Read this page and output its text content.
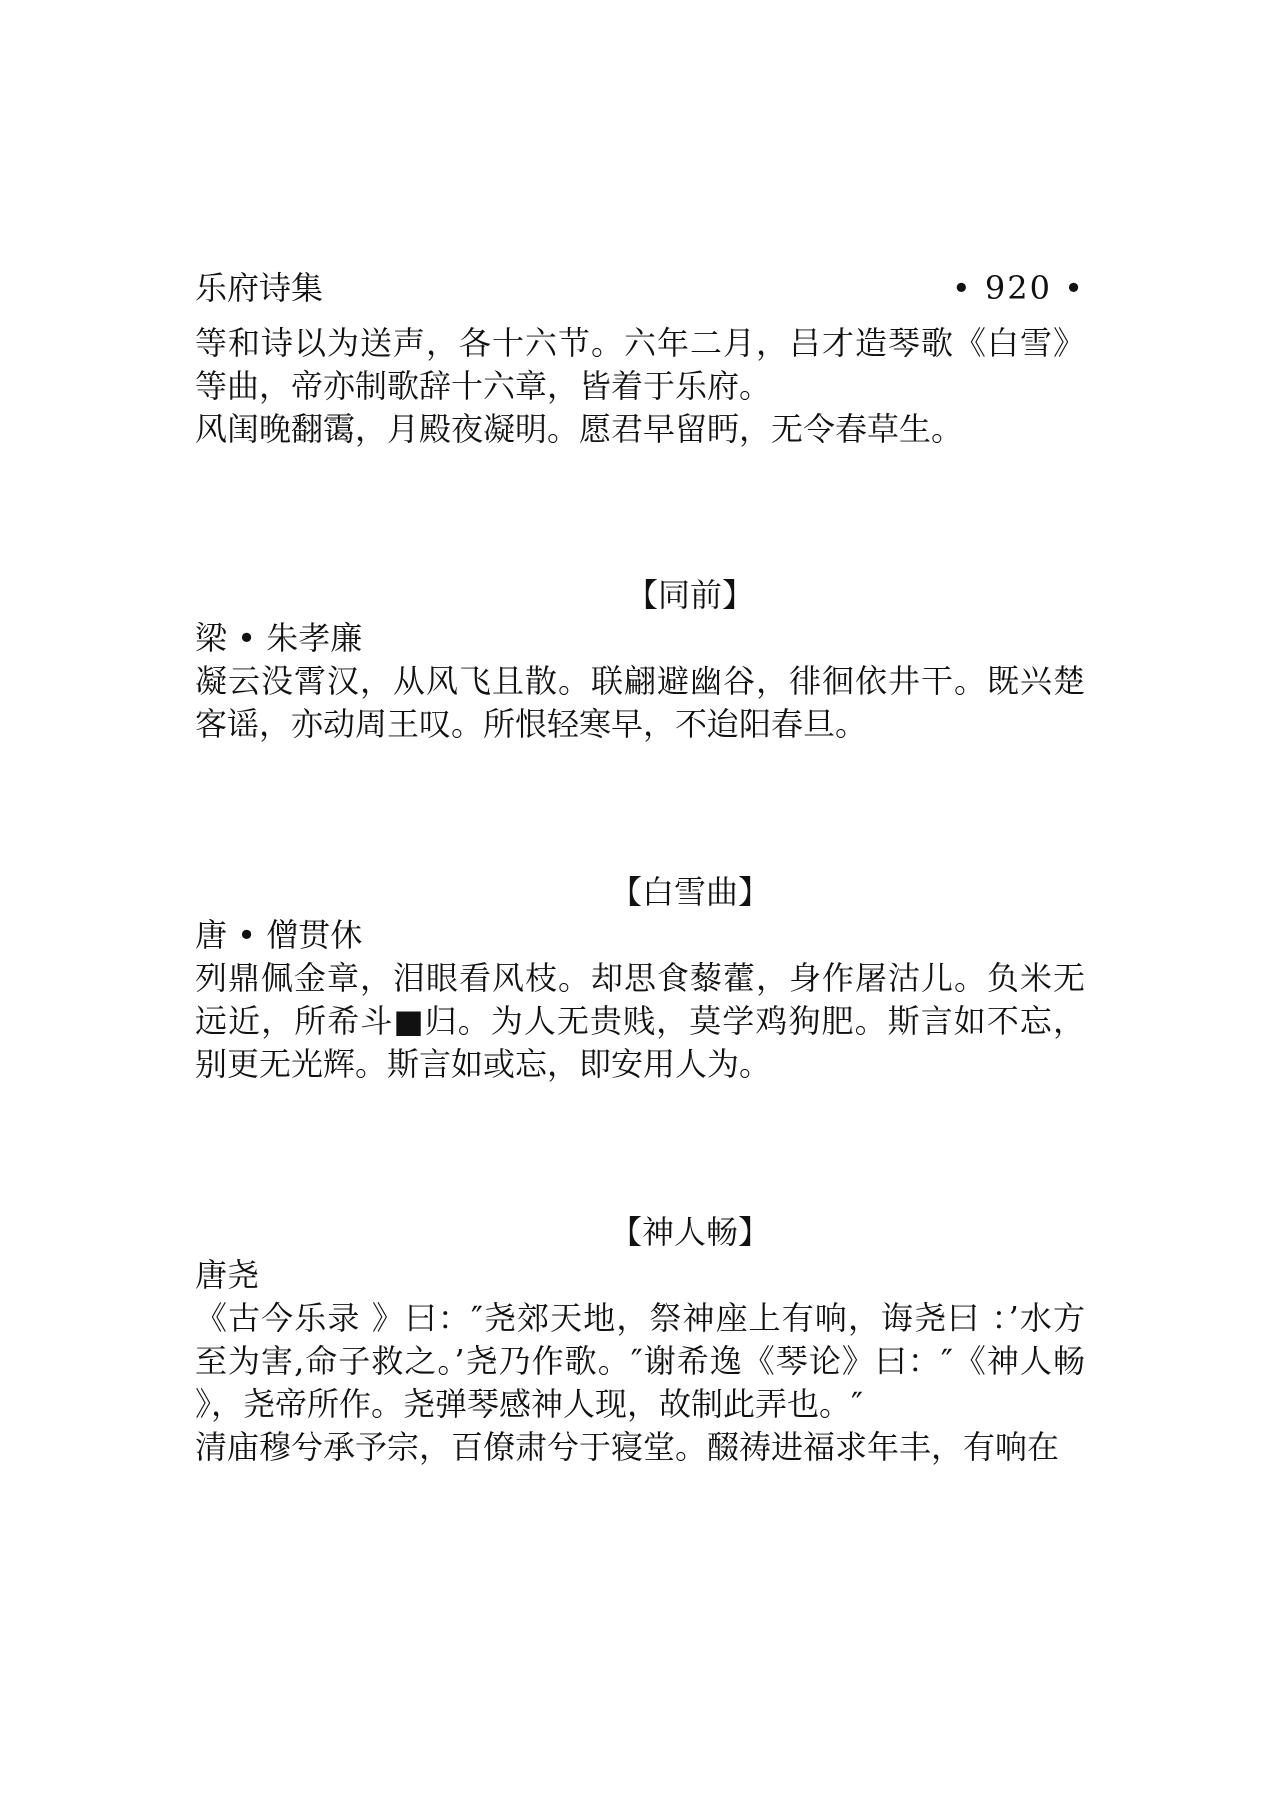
乐府诗集	• 920 •

等和诗以为送声，各十六节。六年二月，吕才造琴歌《白雪》等曲，帝亦制歌辞十六章，皆着于乐府。

风闺晚翻霭，月殿夜凝明。愿君早留眄，无令春草生。

【同前】

梁 • 朱孝廉

凝云没霄汉，从风飞且散。联翩避幽谷，徘徊依井干。既兴楚客谣，亦动周王叹。所恨轻寒早，不迨阳春旦。

【白雪曲】

唐 • 僧贯休

列鼎佩金章，泪眼看风枝。却思食藜藿，身作屠沽儿。负米无远近，所希斗■归。为人无贵贱，莫学鸡狗肥。斯言如不忘，别更无光辉。斯言如或忘，即安用人为。

【神人畅】

唐尧

《古今乐录 》曰：″尧郊天地，祭神座上有响，诲尧曰 ：’水方至为害,命子救之。’尧乃作歌。″谢希逸《琴论》曰：″《神人畅 》，尧帝所作。尧弹琴感神人现，故制此弄也。″

清庙穆兮承予宗，百僚肃兮于寝堂。醊祷进福求年丰，有响在
